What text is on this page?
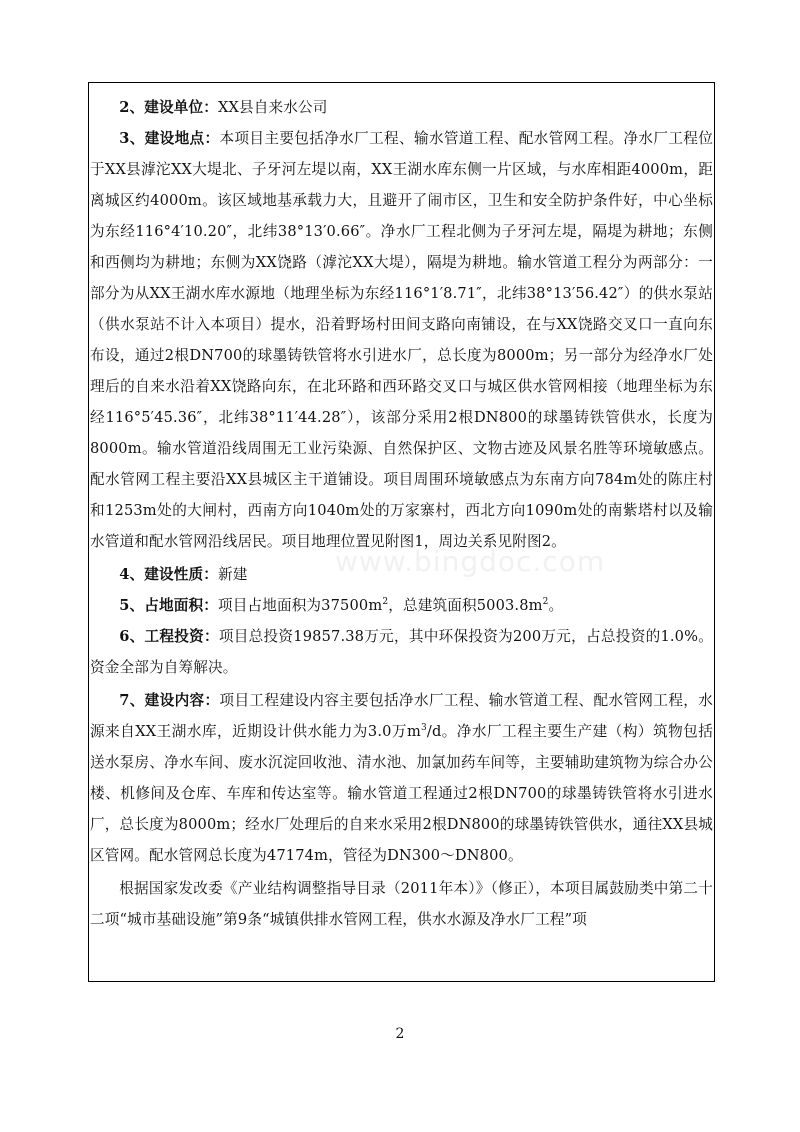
2、建设单位：XX县自来水公司

3、建设地点：本项目主要包括净水厂工程、输水管道工程、配水管网工程。净水厂工程位于XX县滹沱XX大堤北、子牙河左堤以南，XX王湖水库东侧一片区域，与水库相距4000m，距离城区约4000m。该区域地基承载力大，且避开了闹市区，卫生和安全防护条件好，中心坐标为东经116°4′10.20″，北纬38°13′0.66″。净水厂工程北侧为子牙河左堤，隔堤为耕地；东侧和西侧均为耕地；东侧为XX饶路（滹沱XX大堤），隔堤为耕地。输水管道工程分为两部分：一部分为从XX王湖水库水源地（地理坐标为东经116°1′8.71″，北纬38°13′56.42″）的供水泵站（供水泵站不计入本项目）提水，沿着野场村田间支路向南铺设，在与XX饶路交叉口一直向东布设，通过2根DN700的球墨铸铁管将水引进水厂，总长度为8000m；另一部分为经净水厂处理后的自来水沿着XX饶路向东，在北环路和西环路交叉口与城区供水管网相接（地理坐标为东经116°5′45.36″，北纬38°11′44.28″），该部分采用2根DN800的球墨铸铁管供水，长度为8000m。输水管道沿线周围无工业污染源、自然保护区、文物古迹及风景名胜等环境敏感点。配水管网工程主要沿XX县城区主干道铺设。项目周围环境敏感点为东南方向784m处的陈庄村和1253m处的大闸村，西南方向1040m处的万家寨村，西北方向1090m处的南紫塔村以及输水管道和配水管网沿线居民。项目地理位置见附图1，周边关系见附图2。

4、建设性质：新建

5、占地面积：项目占地面积为$37500m^2$，总建筑面积$5003.8m^2$。

6、工程投资：项目总投资19857.38万元，其中环保投资为200万元，占总投资的1.0%。资金全部为自筹解决。

7、建设内容：项目工程建设内容主要包括净水厂工程、输水管道工程、配水管网工程，水源来自XX王湖水库，近期设计供水能力为3.0万$m^3/d$。净水厂工程主要生产建（构）筑物包括送水泵房、净水车间、废水沉淀回收池、清水池、加氯加药车间等，主要辅助建筑物为综合办公楼、机修间及仓库、车库和传达室等。输水管道工程通过2根DN700的球墨铸铁管将水引进水厂，总长度为8000m；经水厂处理后的自来水采用2根DN800的球墨铸铁管供水，通往XX县城区管网。配水管网总长度为47174m，管径为DN300～DN800。

根据国家发改委《产业结构调整指导目录（2011年本）》（修正），本项目属鼓励类中第二十二项“城市基础设施”第9条“城镇供排水管网工程，供水水源及净水厂工程”项

www.bingdoc.com
2
